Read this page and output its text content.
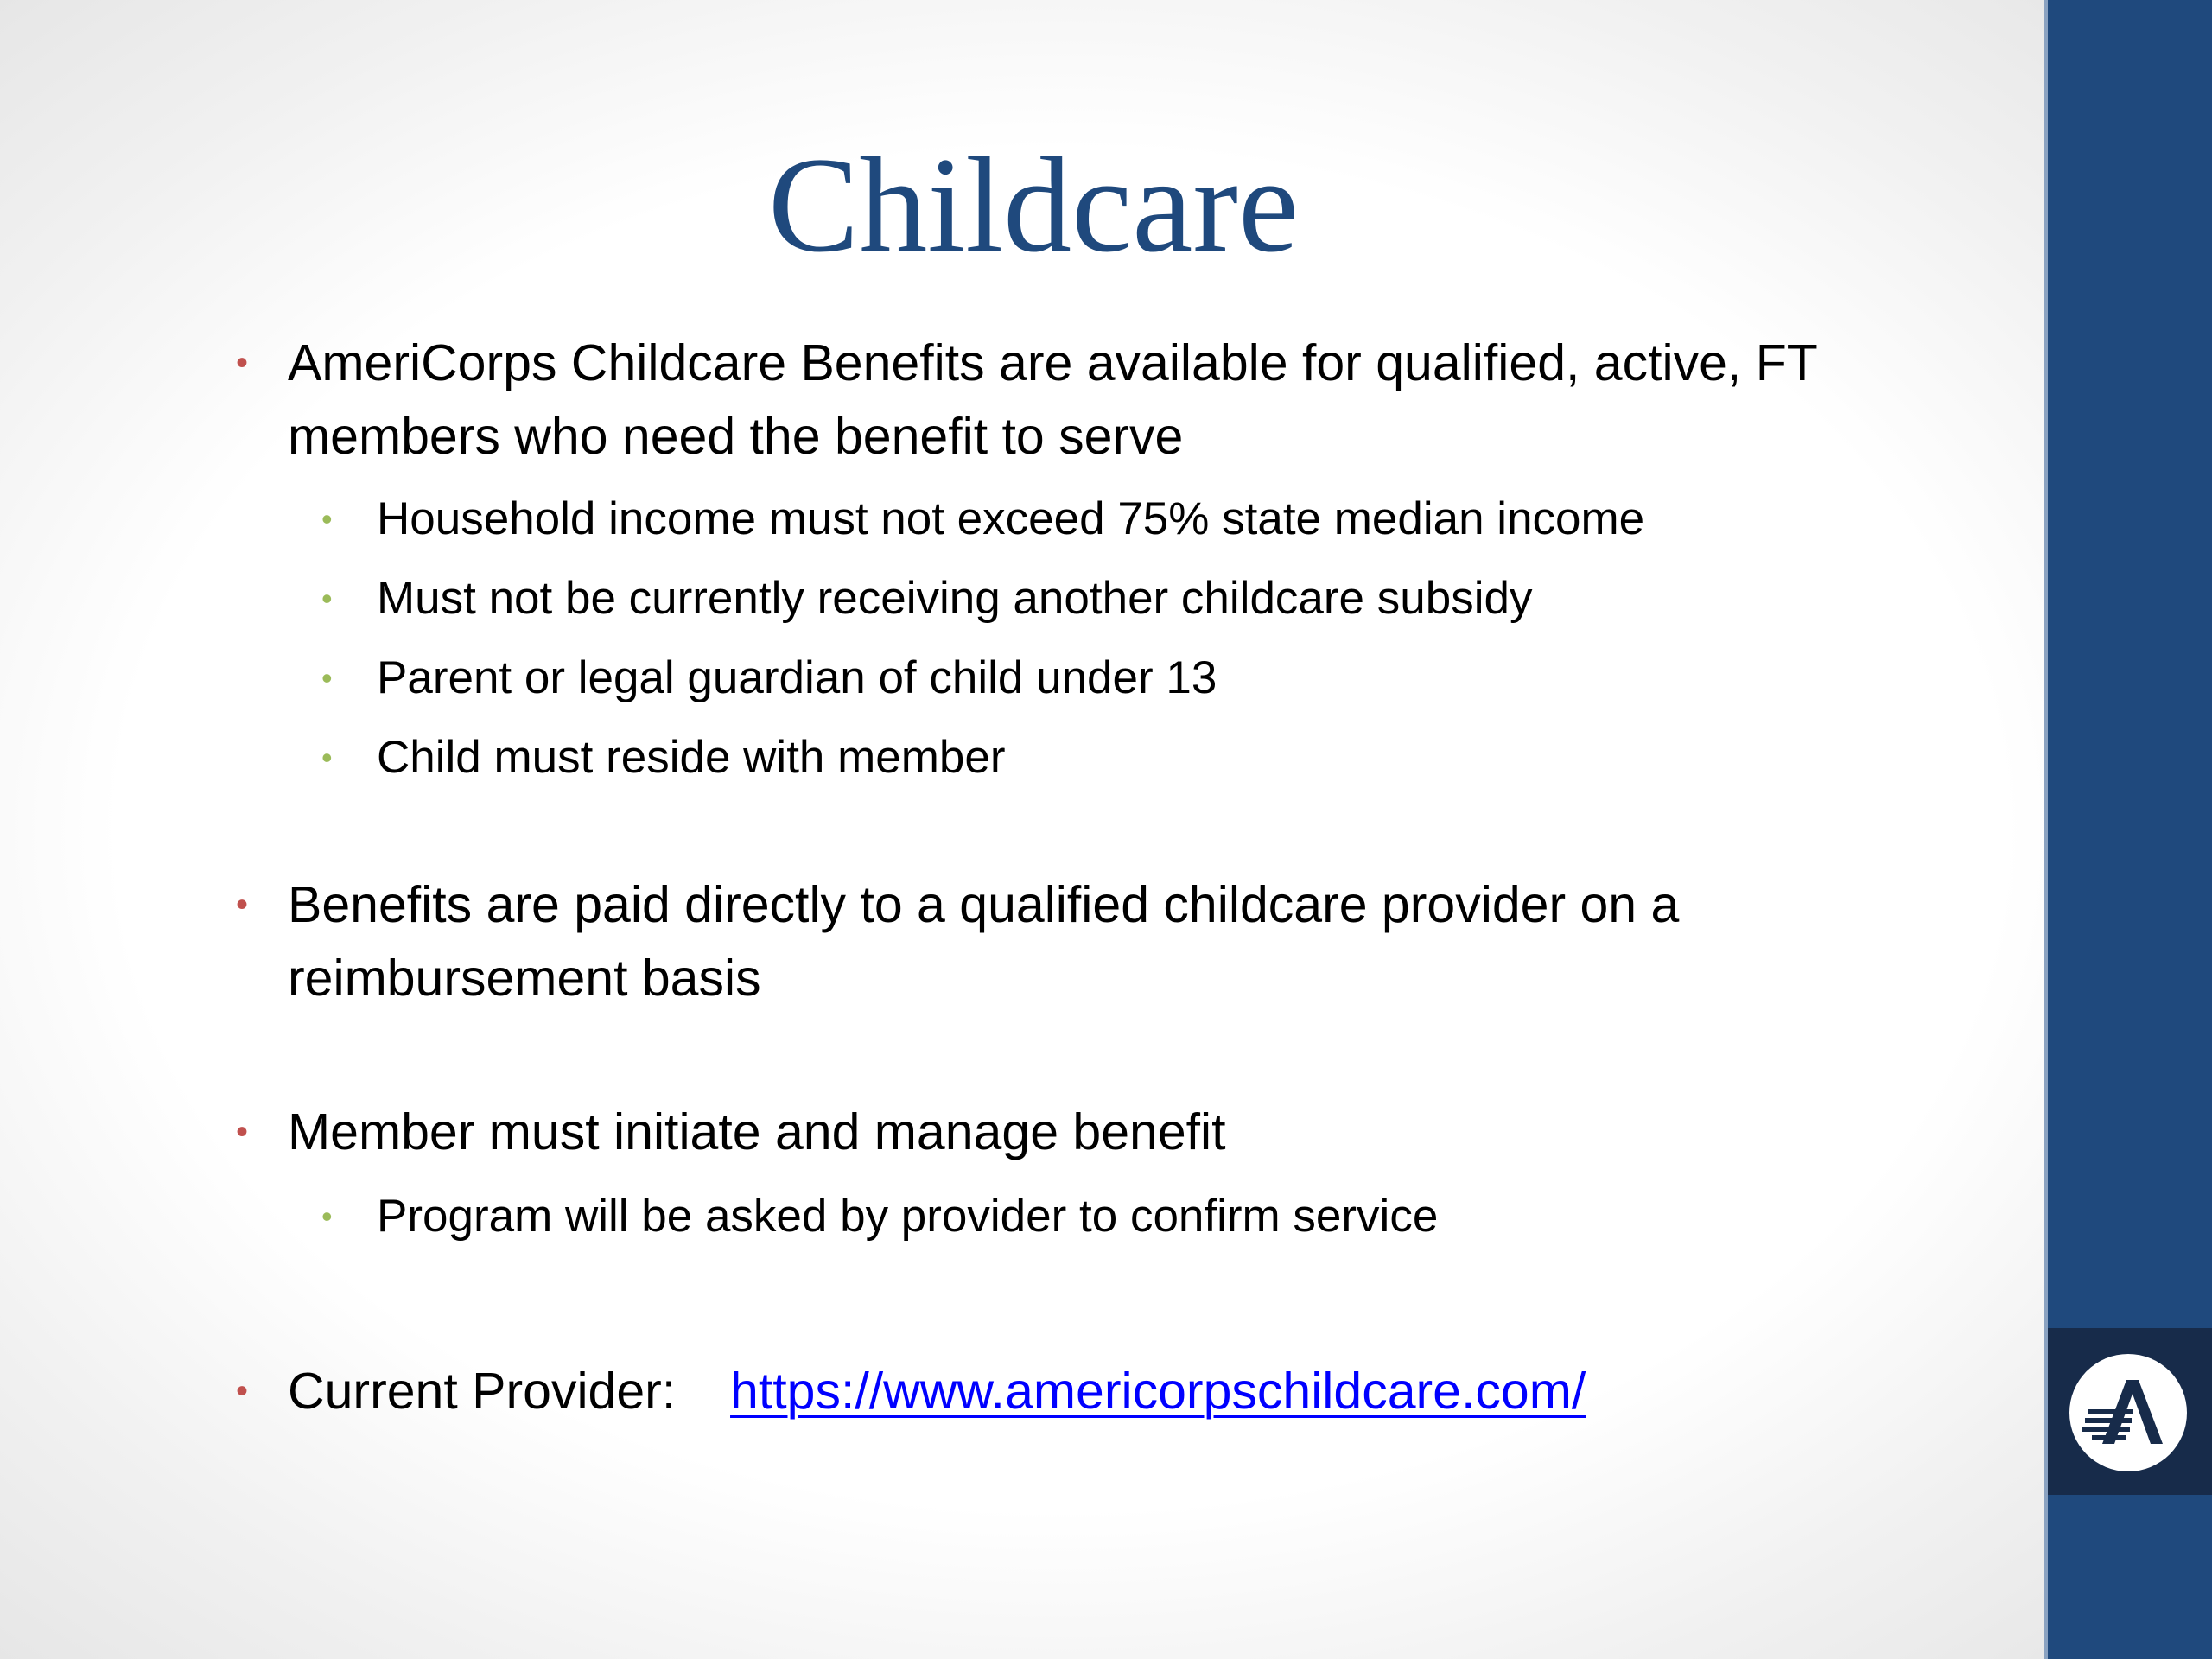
Childcare
• AmeriCorps Childcare Benefits are available for qualified, active, FT members who need the benefit to serve
• Household income must not exceed 75% state median income
• Must not be currently receiving another childcare subsidy
• Parent or legal guardian of child under 13
• Child must reside with member
• Benefits are paid directly to a qualified childcare provider on a reimbursement basis
• Member must initiate and manage benefit
• Program will be asked by provider to confirm service
• Current Provider: https://www.americorpschildcare.com/
